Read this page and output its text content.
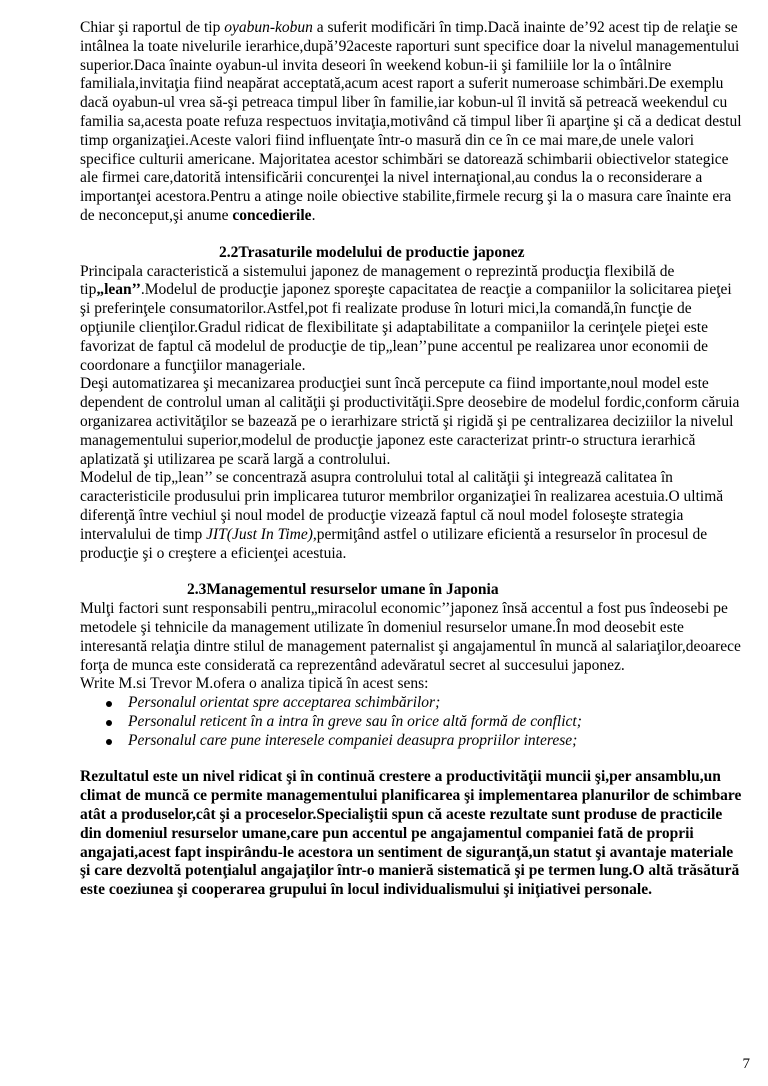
Chiar şi raportul de tip oyabun-kobun a suferit modificări în timp.Dacă inainte de’92 acest tip de relaţie se intâlnea la toate nivelurile ierarhice,după’92aceste raporturi sunt specifice doar la nivelul managementului superior.Daca înainte oyabun-ul invita deseori în weekend kobun-ii şi familiile lor la o întâlnire familiala,invitaţia fiind neapărat acceptată,acum acest raport a suferit numeroase schimbări.De exemplu dacă oyabun-ul vrea să-şi petreaca timpul liber în familie,iar kobun-ul îl invită să petreacă weekendul cu familia sa,acesta poate refuza respectuos invitaţia,motivând că timpul liber îi aparţine şi că a dedicat destul timp organizaţiei.Aceste valori fiind influenţate într-o masură din ce în ce mai mare,de unele valori specifice culturii americane. Majoritatea acestor schimbări se datorează schimbarii obiectivelor stategice ale firmei care,datorită intensificării concurenţei la nivel internaţional,au condus la o reconsiderare a importanţei acestora.Pentru a atinge noile obiective stabilite,firmele recurg şi la o masura care înainte era de neconceput,şi anume concedierile.

2.2Trasaturile modelului de productie japonez

Principala caracteristică a sistemului japonez de management o reprezintă producţia flexibilă de tip„lean’’.Modelul de producţie japonez sporeşte capacitatea de reacţie a companiilor la solicitarea pieţei şi preferinţele consumatorilor.Astfel,pot fi realizate produse în loturi mici,la comandă,în funcţie de opţiunile clienţilor.Gradul ridicat de flexibilitate şi adaptabilitate a companiilor la cerinţele pieţei este favorizat de faptul că modelul de producţie de tip„lean’’pune accentul pe realizarea unor economii de coordonare a funcţiilor manageriale.

Deşi automatizarea şi mecanizarea producţiei sunt încă percepute ca fiind importante,noul model este dependent de controlul uman al calităţii şi productivităţii.Spre deosebire de modelul fordic,conform căruia organizarea activităţilor se bazează pe o ierarhizare strictă şi rigidă şi pe centralizarea deciziilor la nivelul managementului superior,modelul de producţie japonez este caracterizat printr-o structura ierarhică aplatizată şi utilizarea pe scară largă a controlului.

Modelul de tip„lean’’ se concentrază asupra controlului total al calităţii şi integrează calitatea în caracteristicile produsului prin implicarea tuturor membrilor organizaţiei în realizarea acestuia.O ultimă diferenţă între vechiul şi noul model de producţie vizează faptul că noul model foloseşte strategia intervalului de timp JIT(Just In Time),permiţând astfel o utilizare eficientă a resurselor în procesul de producţie şi o creştere a eficienţei acestuia.

2.3Managementul resurselor umane în Japonia

Mulţi factori sunt responsabili pentru„miracolul economic’’japonez însă accentul a fost pus îndeosebi pe metodele şi tehnicile da management utilizate în domeniul resurselor umane.În mod deosebit este interesantă relaţia dintre stilul de management paternalist şi angajamentul în muncă al salariaţilor,deoarece forţa de munca este considerată ca reprezentând adevăratul secret al succesului japonez.

Write M.si Trevor M.ofera o analiza tipică în acest sens:

Personalul orientat spre acceptarea schimbărilor;
Personalul reticent în a intra în greve sau în orice altă formă de conflict;
Personalul care pune interesele companiei deasupra propriilor interese;

Rezultatul este un nivel ridicat şi în continuă crestere a productivităţii muncii şi,per ansamblu,un climat de muncă ce permite managementului planificarea şi implementarea planurilor de schimbare atât a produselor,cât şi a proceselor.Specialiştii spun că aceste rezultate sunt produse de practicile din domeniul resurselor umane,care pun accentul pe angajamentul companiei fată de proprii angajati,acest fapt inspirându-le acestora un sentiment de siguranţă,un statut şi avantaje materiale şi care dezvoltă potenţialul angajaţilor într-o manieră sistematică şi pe termen lung.O altă trăsătură este coeziunea şi cooperarea grupului în locul individualismului şi iniţiativei personale.

7
